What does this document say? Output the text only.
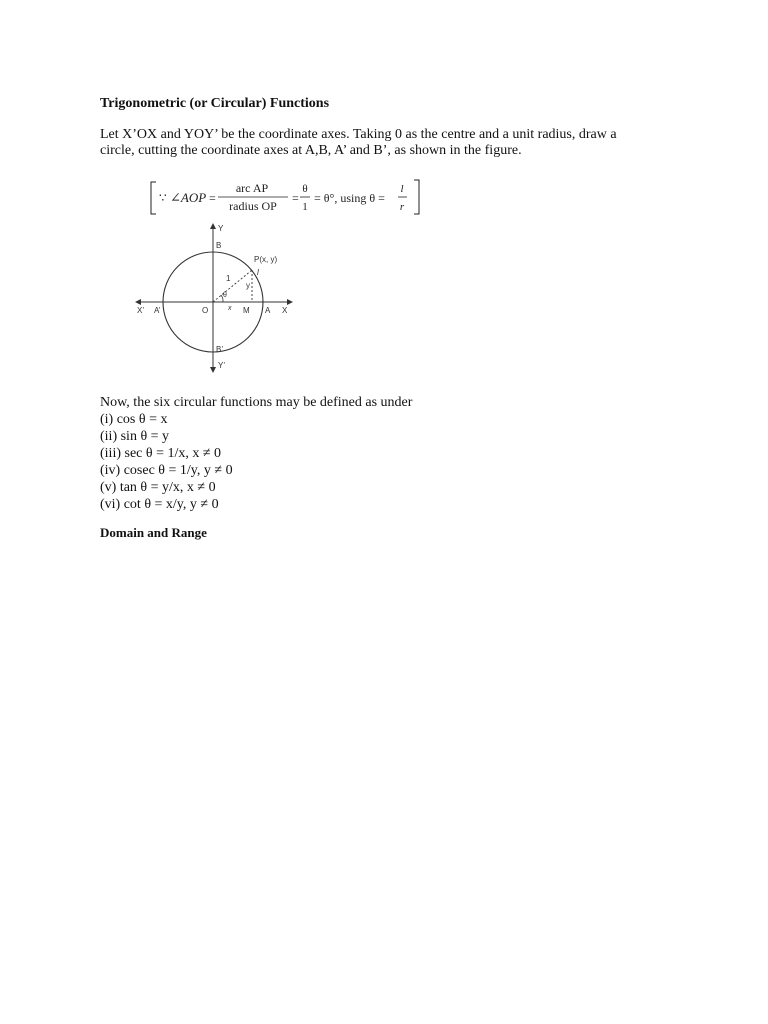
Trigonometric (or Circular) Functions
Let X’OX and YOY’ be the coordinate axes. Taking 0 as the centre and a unit radius, draw a
circle, cutting the coordinate axes at A,B, A’ and B’, as shown in the figure.
∵ ∠AOP =
arc AP
radius OP
=
θ
1
= θ°, using θ =
l
r
Y
B
P(x, y)
1
l
θ
y
X’ A’	O	x M A X
B’
Y’
Now, the six circular functions may be defined as under
(i) cos θ = x
(ii) sin θ = y
(iii) sec θ = 1/x, x ≠ 0
(iv) cosec θ = 1/y, y ≠ 0
(v) tan θ = y/x, x ≠ 0
(vi) cot θ = x/y, y ≠ 0
Domain and Range
